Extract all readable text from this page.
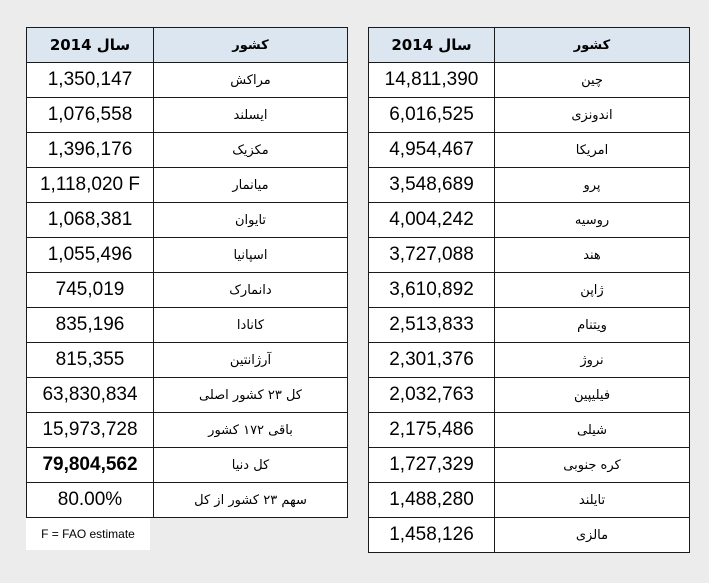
سال 2014	کشور
1,350,147	مراکش
1,076,558	ایسلند
1,396,176	مکزیک
1,118,020 F	میانمار
1,068,381	تایوان
1,055,496	اسپانیا
745,019	دانمارک
835,196	کانادا
815,355	آرژانتین
63,830,834	کل ۲۳ کشور اصلی
15,973,728	باقی ۱۷۲ کشور
79,804,562	کل دنیا
80.00%	سهم ۲۳ کشور از کل
سال 2014	کشور
14,811,390	چین
6,016,525	اندونزی
4,954,467	امریکا
3,548,689	پرو
4,004,242	روسیه
3,727,088	هند
3,610,892	ژاپن
2,513,833	ویتنام
2,301,376	نروژ
2,032,763	فیلیپین
2,175,486	شیلی
1,727,329	کره جنوبی
1,488,280	تایلند
1,458,126	مالزی
F = FAO estimate
